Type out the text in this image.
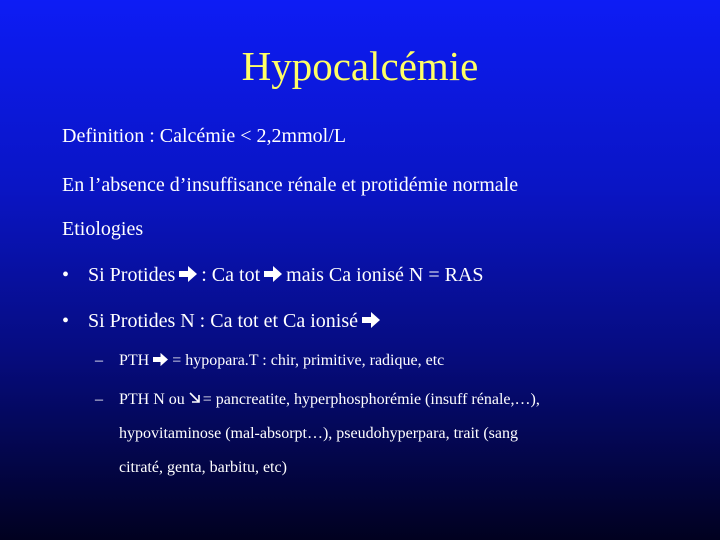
Hypocalcémie
Definition : Calcémie < 2,2mmol/L
En l’absence d’insuffisance rénale et protidémie normale
Etiologies
• Si Protides : Ca tot mais Ca ionisé N = RAS
• Si Protides N : Ca tot et Ca ionisé
– PTH = hypopara.T : chir, primitive, radique, etc
– PTH N ou = pancreatite, hyperphosphorémie (insuff rénale,…),
hypovitaminose (mal-absorpt…), pseudohyperpara, trait (sang
citraté, genta, barbitu, etc)
